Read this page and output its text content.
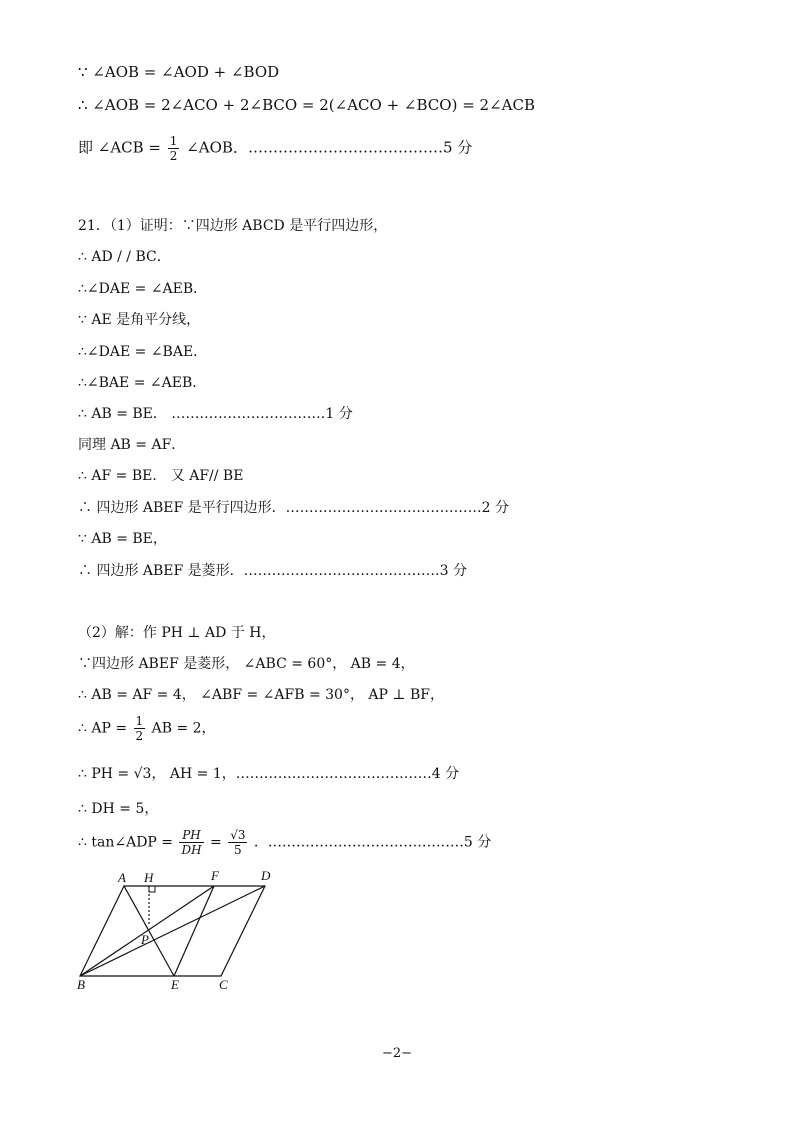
∵ ∠AOB = ∠AOD + ∠BOD
∴ ∠AOB = 2∠ACO + 2∠BCO = 2(∠ACO + ∠BCO) = 2∠ACB
即 ∠ACB = $\frac{1}{2}$ ∠AOB．…………………………………5 分
21．（1）证明：∵四边形 ABCD 是平行四边形，
∴ AD / / BC．
∴∠DAE = ∠AEB．
∵ AE 是角平分线，
∴∠DAE = ∠BAE．
∴∠BAE = ∠AEB．
∴ AB = BE． ……………………………1 分
同理 AB = AF．
∴ AF = BE． 又 AF// BE
∴ 四边形 ABEF 是平行四边形．……………………………………2 分
∵ AB = BE，
∴ 四边形 ABEF 是菱形．……………………………………3 分
（2）解：作 PH ⊥ AD 于 H，
∵四边形 ABEF 是菱形， ∠ABC = 60°， AB = 4，
∴ AB = AF = 4， ∠ABF = ∠AFB = 30°， AP ⊥ BF，
∴ AP = $\frac{1}{2}$ AB = 2，
∴ PH = √3， AH = 1，……………………………………4 分
∴ DH = 5，
∴ tan∠ADP = $\frac{PH}{DH} = \frac{√3}{5}$ ．……………………………………5 分
A H	F	D
P
B	E	C
−2−
